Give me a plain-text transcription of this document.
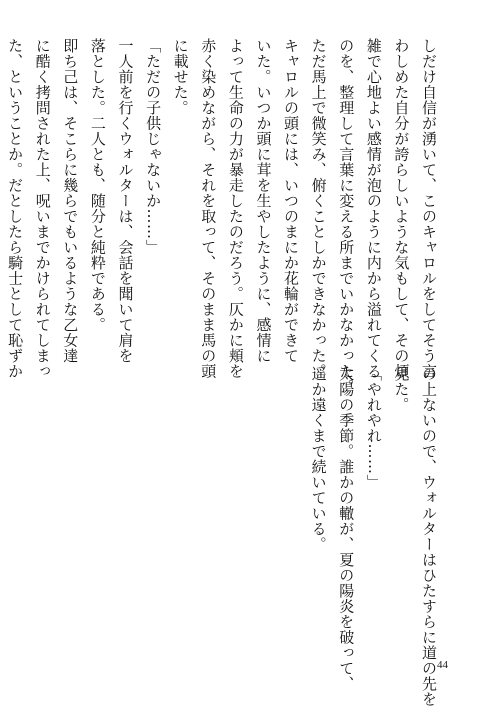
しだけ自信が湧いて、このキャロルをしてそう言
わしめた自分が誇らしいような気もして、その煩
雑で心地よい感情が泡のように内から溢れてくる
のを、整理して言葉に変える所までいかなかった。
ただ馬上で微笑み、俯くことしかできなかった。
キャロルの頭には、いつのまにか花輪ができて
いた。いつか頭に茸を生やしたように、感情に
よって生命の力が暴走したのだろう。仄かに頬を
赤く染めながら、それを取って、そのまま馬の頭
に載せた。
「ただの子供じゃないか……」
一人前を行くウォルターは、会話を聞いて肩を
落とした。二人とも、随分と純粋である。
即ち己は、そこらに幾らでもいるような乙女達
に酷く拷問された上、呪いまでかけられてしまっ
た、ということか。だとしたら騎士として恥ずか
の上ないので、ウォルターはひたすらに道の先を
見た。
「やれやれ……」
太陽の季節。誰かの轍が、夏の陽炎を破って、
遥か遠くまで続いている。
44
